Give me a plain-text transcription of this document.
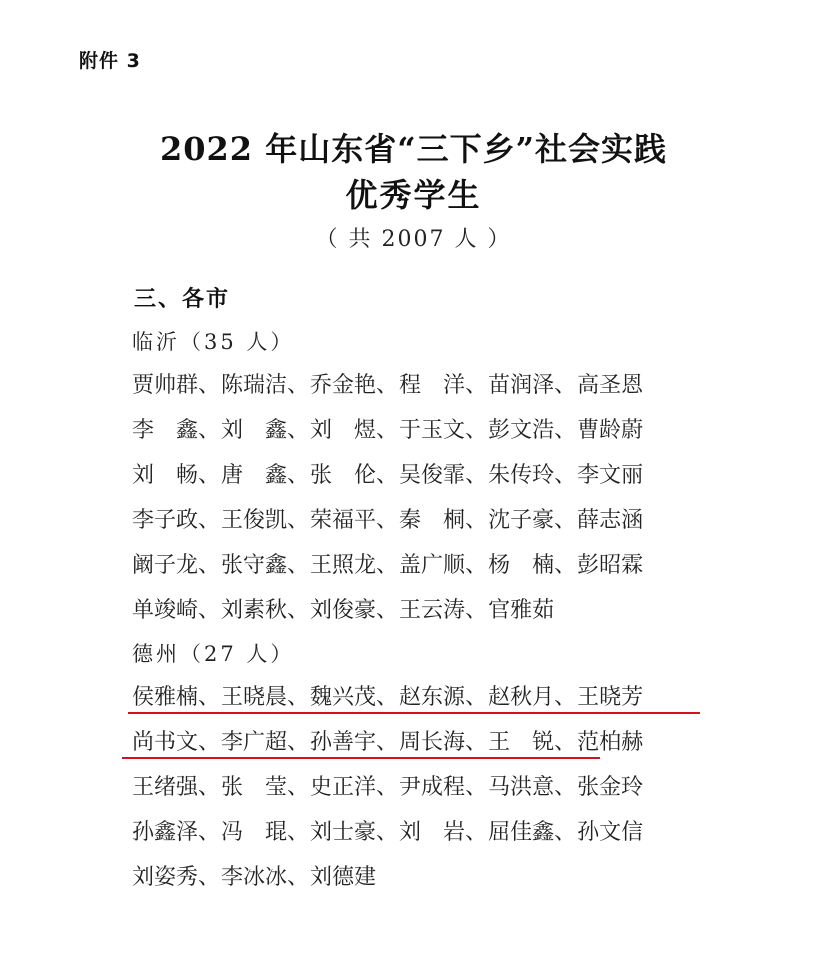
附件 3
2022 年山东省“三下乡”社会实践
优秀学生
（ 共 2007 人 ）
三、各市
临沂（35 人）
贾帅群 、 陈瑞洁 、 乔金艳 、 程　洋 、 苗润泽 、 高圣恩
李　鑫 、 刘　鑫 、 刘　煜 、 于玉文 、 彭文浩 、 曹龄蔚
刘　畅 、 唐　鑫 、 张　伦 、 吴俊霏 、 朱传玲 、 李文丽
李子政 、 王俊凯 、 荣福平 、 秦　桐 、 沈子豪 、 薛志涵
阚子龙 、 张守鑫 、 王照龙 、 盖广顺 、 杨　楠 、 彭昭霖
单竣崎 、 刘素秋 、 刘俊豪 、 王云涛 、 官雅茹
德州（27 人）
侯雅楠 、 王晓晨 、 魏兴茂 、 赵东源 、 赵秋月 、 王晓芳
尚书文 、 李广超 、 孙善宇 、 周长海 、 王　锐 、 范柏赫
王绪强 、 张　莹 、 史正洋 、 尹成程 、 马洪意 、 张金玲
孙鑫泽 、 冯　琨 、 刘士豪 、 刘　岩 、 屈佳鑫 、 孙文信
刘姿秀 、 李冰冰 、 刘德建
